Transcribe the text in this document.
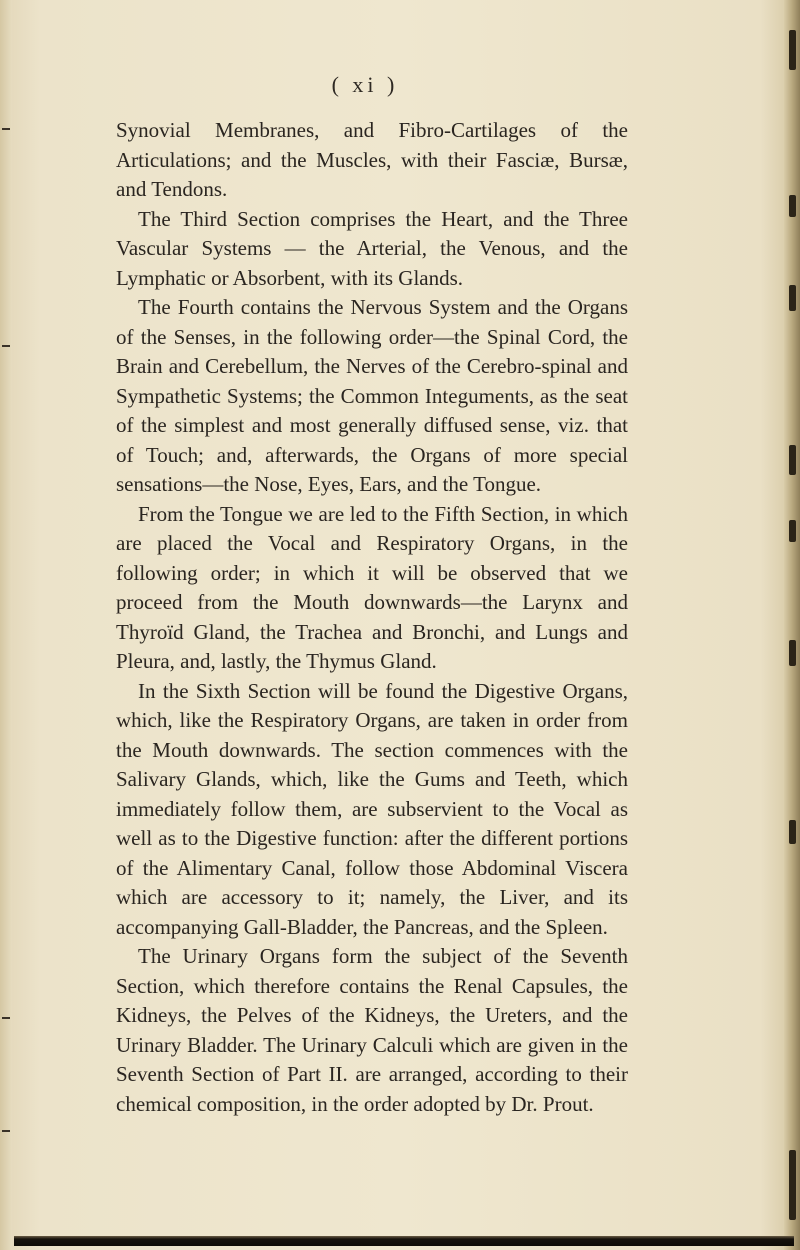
( xi )

Synovial Membranes, and Fibro-Cartilages of the Articulations; and the Muscles, with their Fasciæ, Bursæ, and Tendons.

The Third Section comprises the Heart, and the Three Vascular Systems — the Arterial, the Venous, and the Lymphatic or Absorbent, with its Glands.

The Fourth contains the Nervous System and the Organs of the Senses, in the following order—the Spinal Cord, the Brain and Cerebellum, the Nerves of the Cerebro-spinal and Sympathetic Systems; the Common Integuments, as the seat of the simplest and most generally diffused sense, viz. that of Touch; and, afterwards, the Organs of more special sensations—the Nose, Eyes, Ears, and the Tongue.

From the Tongue we are led to the Fifth Section, in which are placed the Vocal and Respiratory Organs, in the following order; in which it will be observed that we proceed from the Mouth downwards—the Larynx and Thyroïd Gland, the Trachea and Bronchi, and Lungs and Pleura, and, lastly, the Thymus Gland.

In the Sixth Section will be found the Digestive Organs, which, like the Respiratory Organs, are taken in order from the Mouth downwards. The section commences with the Salivary Glands, which, like the Gums and Teeth, which immediately follow them, are subservient to the Vocal as well as to the Digestive function: after the different portions of the Alimentary Canal, follow those Abdominal Viscera which are accessory to it; namely, the Liver, and its accompanying Gall-Bladder, the Pancreas, and the Spleen.

The Urinary Organs form the subject of the Seventh Section, which therefore contains the Renal Capsules, the Kidneys, the Pelves of the Kidneys, the Ureters, and the Urinary Bladder. The Urinary Calculi which are given in the Seventh Section of Part II. are arranged, according to their chemical composition, in the order adopted by Dr. Prout.
